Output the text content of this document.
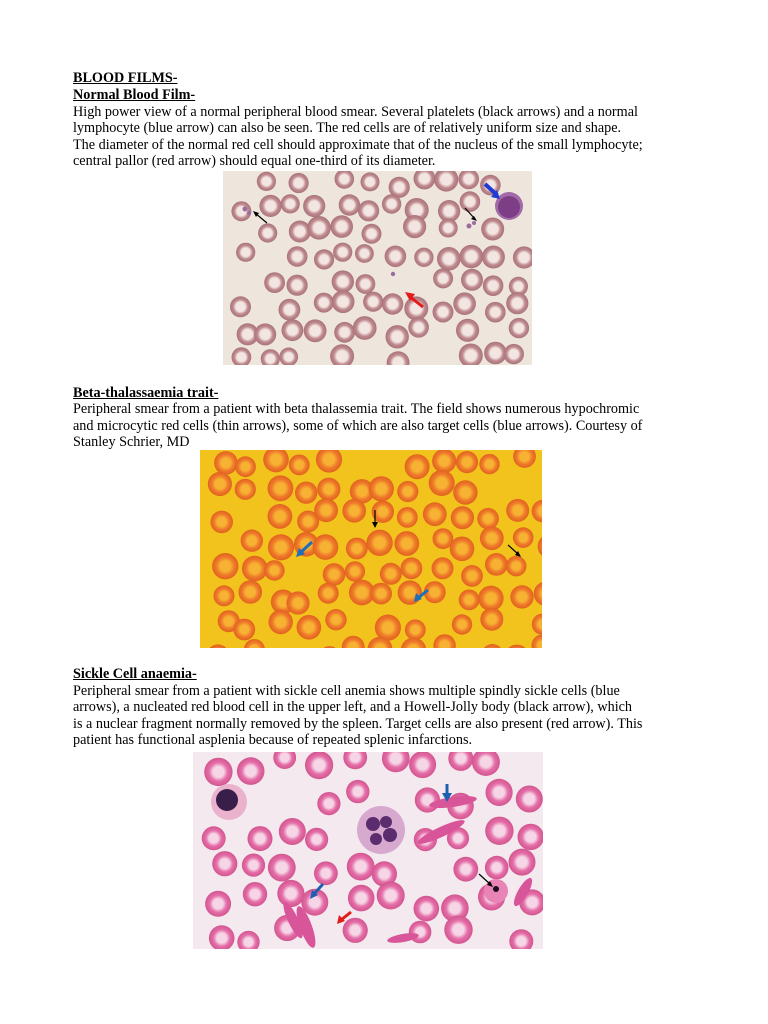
BLOOD FILMS-

Normal Blood Film-

High power view of a normal peripheral blood smear. Several platelets (black arrows) and a normal

lymphocyte (blue arrow) can also be seen. The red cells are of relatively uniform size and shape.

The diameter of the normal red cell should approximate that of the nucleus of the small lymphocyte;

central pallor (red arrow) should equal one-third of its diameter.

Beta-thalassaemia trait-

Peripheral smear from a patient with beta thalassemia trait. The field shows numerous hypochromic

and microcytic red cells (thin arrows), some of which are also target cells (blue arrows). Courtesy of

Stanley Schrier, MD

Sickle Cell anaemia-

Peripheral smear from a patient with sickle cell anemia shows multiple spindly sickle cells (blue

arrows), a nucleated red blood cell in the upper left, and a Howell-Jolly body (black arrow), which

is a nuclear fragment normally removed by the spleen. Target cells are also present (red arrow). This

patient has functional asplenia because of repeated splenic infarctions.
